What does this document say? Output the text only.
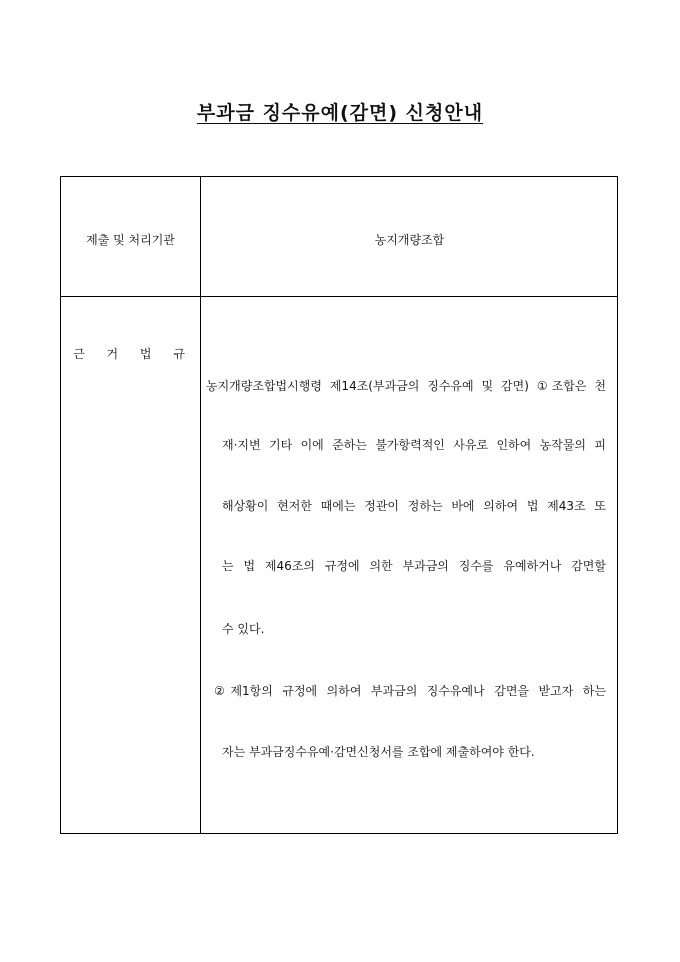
부과금 징수유예(감면) 신청안내
제출 및 처리기관	농지개량조합
근 거 법 규
농지개량조합법시행령 제14조(부과금의 징수유예 및 감면) ①조합은 천
재·지변 기타 이에 준하는 불가항력적인 사유로 인하여 농작물의 피
해상황이 현저한 때에는 정관이 정하는 바에 의하여 법 제43조 또
는 법 제46조의 규정에 의한 부과금의 징수를 유예하거나 감면할
수 있다.
②제1항의 규정에 의하여 부과금의 징수유예나 감면을 받고자 하는
자는 부과금징수유예·감면신청서를 조합에 제출하여야 한다.
